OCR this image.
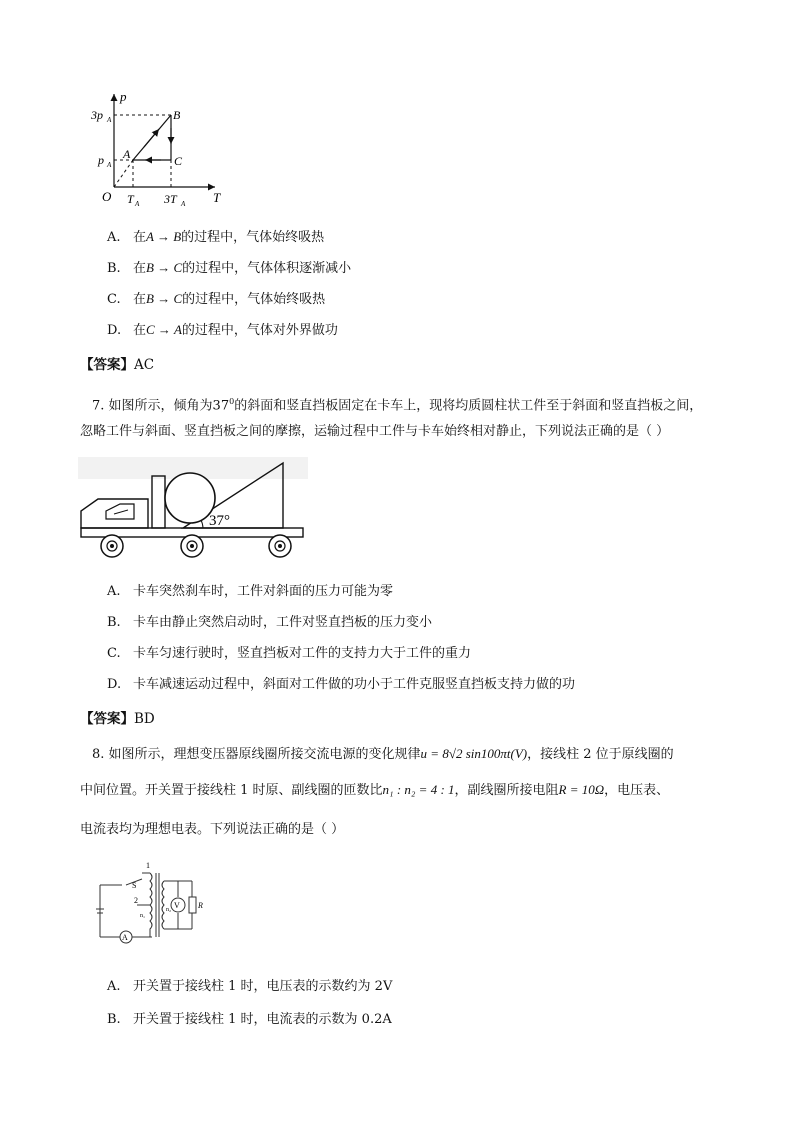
p
T
O
3p A
p A
T A 3T A
A
B
C
A. 在A → B的过程中，气体始终吸热
B. 在B → C的过程中，气体体积逐渐减小
C. 在B → C的过程中，气体始终吸热
D. 在C → A的过程中，气体对外界做功
【答案】AC
7. 如图所示，倾角为$37^0$的斜面和竖直挡板固定在卡车上，现将均质圆柱状工件至于斜面和竖直挡板之间，
忽略工件与斜面、竖直挡板之间的摩擦，运输过程中工件与卡车始终相对静止，下列说法正确的是（ ）
37°
A. 卡车突然刹车时，工件对斜面的压力可能为零
B. 卡车由静止突然启动时，工件对竖直挡板的压力变小
C. 卡车匀速行驶时，竖直挡板对工件的支持力大于工件的重力
D. 卡车减速运动过程中，斜面对工件做的功小于工件克服竖直挡板支持力做的功
【答案】BD
8. 如图所示，理想变压器原线圈所接交流电源的变化规律u = 8√2 sin100πt(V)，接线柱 2 位于原线圈的
中间位置。开关置于接线柱 1 时原、副线圈的匝数比n₁ : n₂ = 4 : 1，副线圈所接电阻R = 10Ω，电压表、
电流表均为理想电表。下列说法正确的是（ ）
1
S
2
n₁
n₂ V
A
R
A. 开关置于接线柱 1 时，电压表的示数约为 2V
B. 开关置于接线柱 1 时，电流表的示数为 0.2A
